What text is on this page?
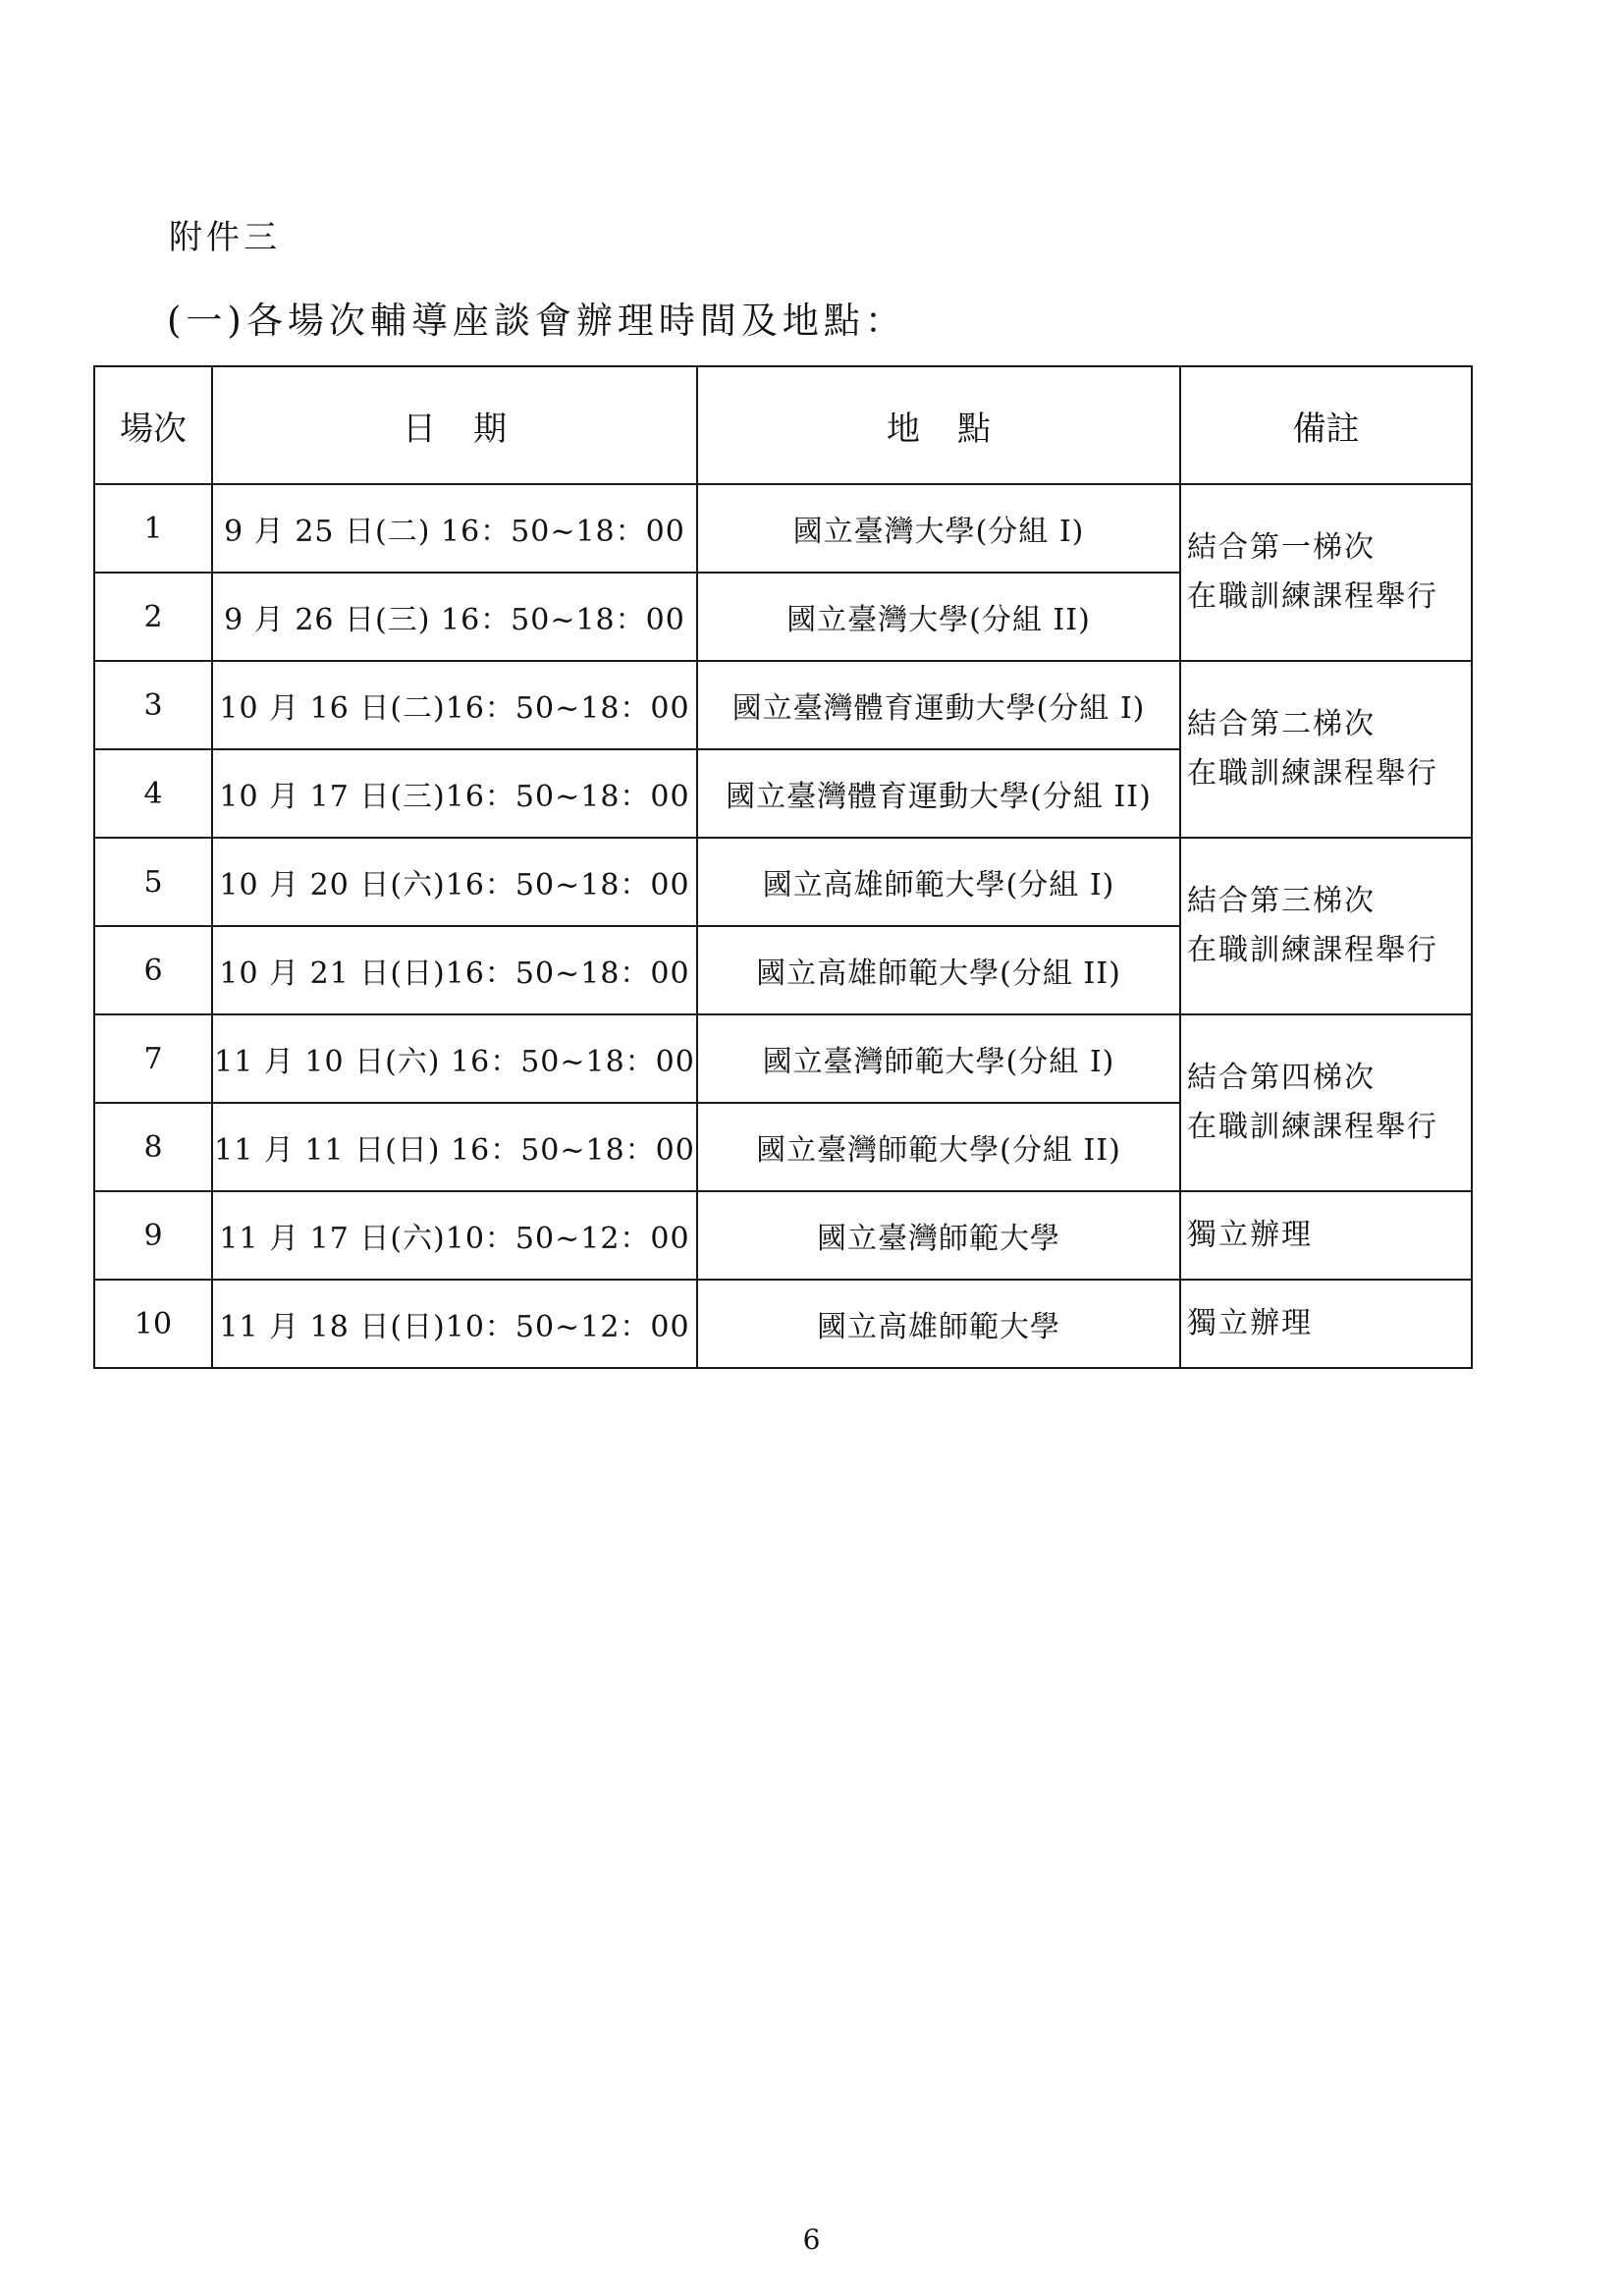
附件三
(一)各場次輔導座談會辦理時間及地點：
場次	日期	地點	備註
1	9 月 25 日(二) 16：50~18：00	國立臺灣大學(分組 I)	結合第一梯次
在職訓練課程舉行

2	9 月 26 日(三) 16：50~18：00	國立臺灣大學(分組 II)	
3	10 月 16 日(二)16：50~18：00	國立臺灣體育運動大學(分組 I)	結合第二梯次
在職訓練課程舉行

4	10 月 17 日(三)16：50~18：00	國立臺灣體育運動大學(分組 II)	
5	10 月 20 日(六)16：50~18：00	國立高雄師範大學(分組 I)	結合第三梯次
在職訓練課程舉行

6	10 月 21 日(日)16：50~18：00	國立高雄師範大學(分組 II)	
7	11 月 10 日(六) 16：50~18：00	國立臺灣師範大學(分組 I)	結合第四梯次
在職訓練課程舉行

8	11 月 11 日(日) 16：50~18：00	國立臺灣師範大學(分組 II)	
9	11 月 17 日(六)10：50~12：00	國立臺灣師範大學	獨立辦理

10	11 月 18 日(日)10：50~12：00	國立高雄師範大學	獨立辦理
6
